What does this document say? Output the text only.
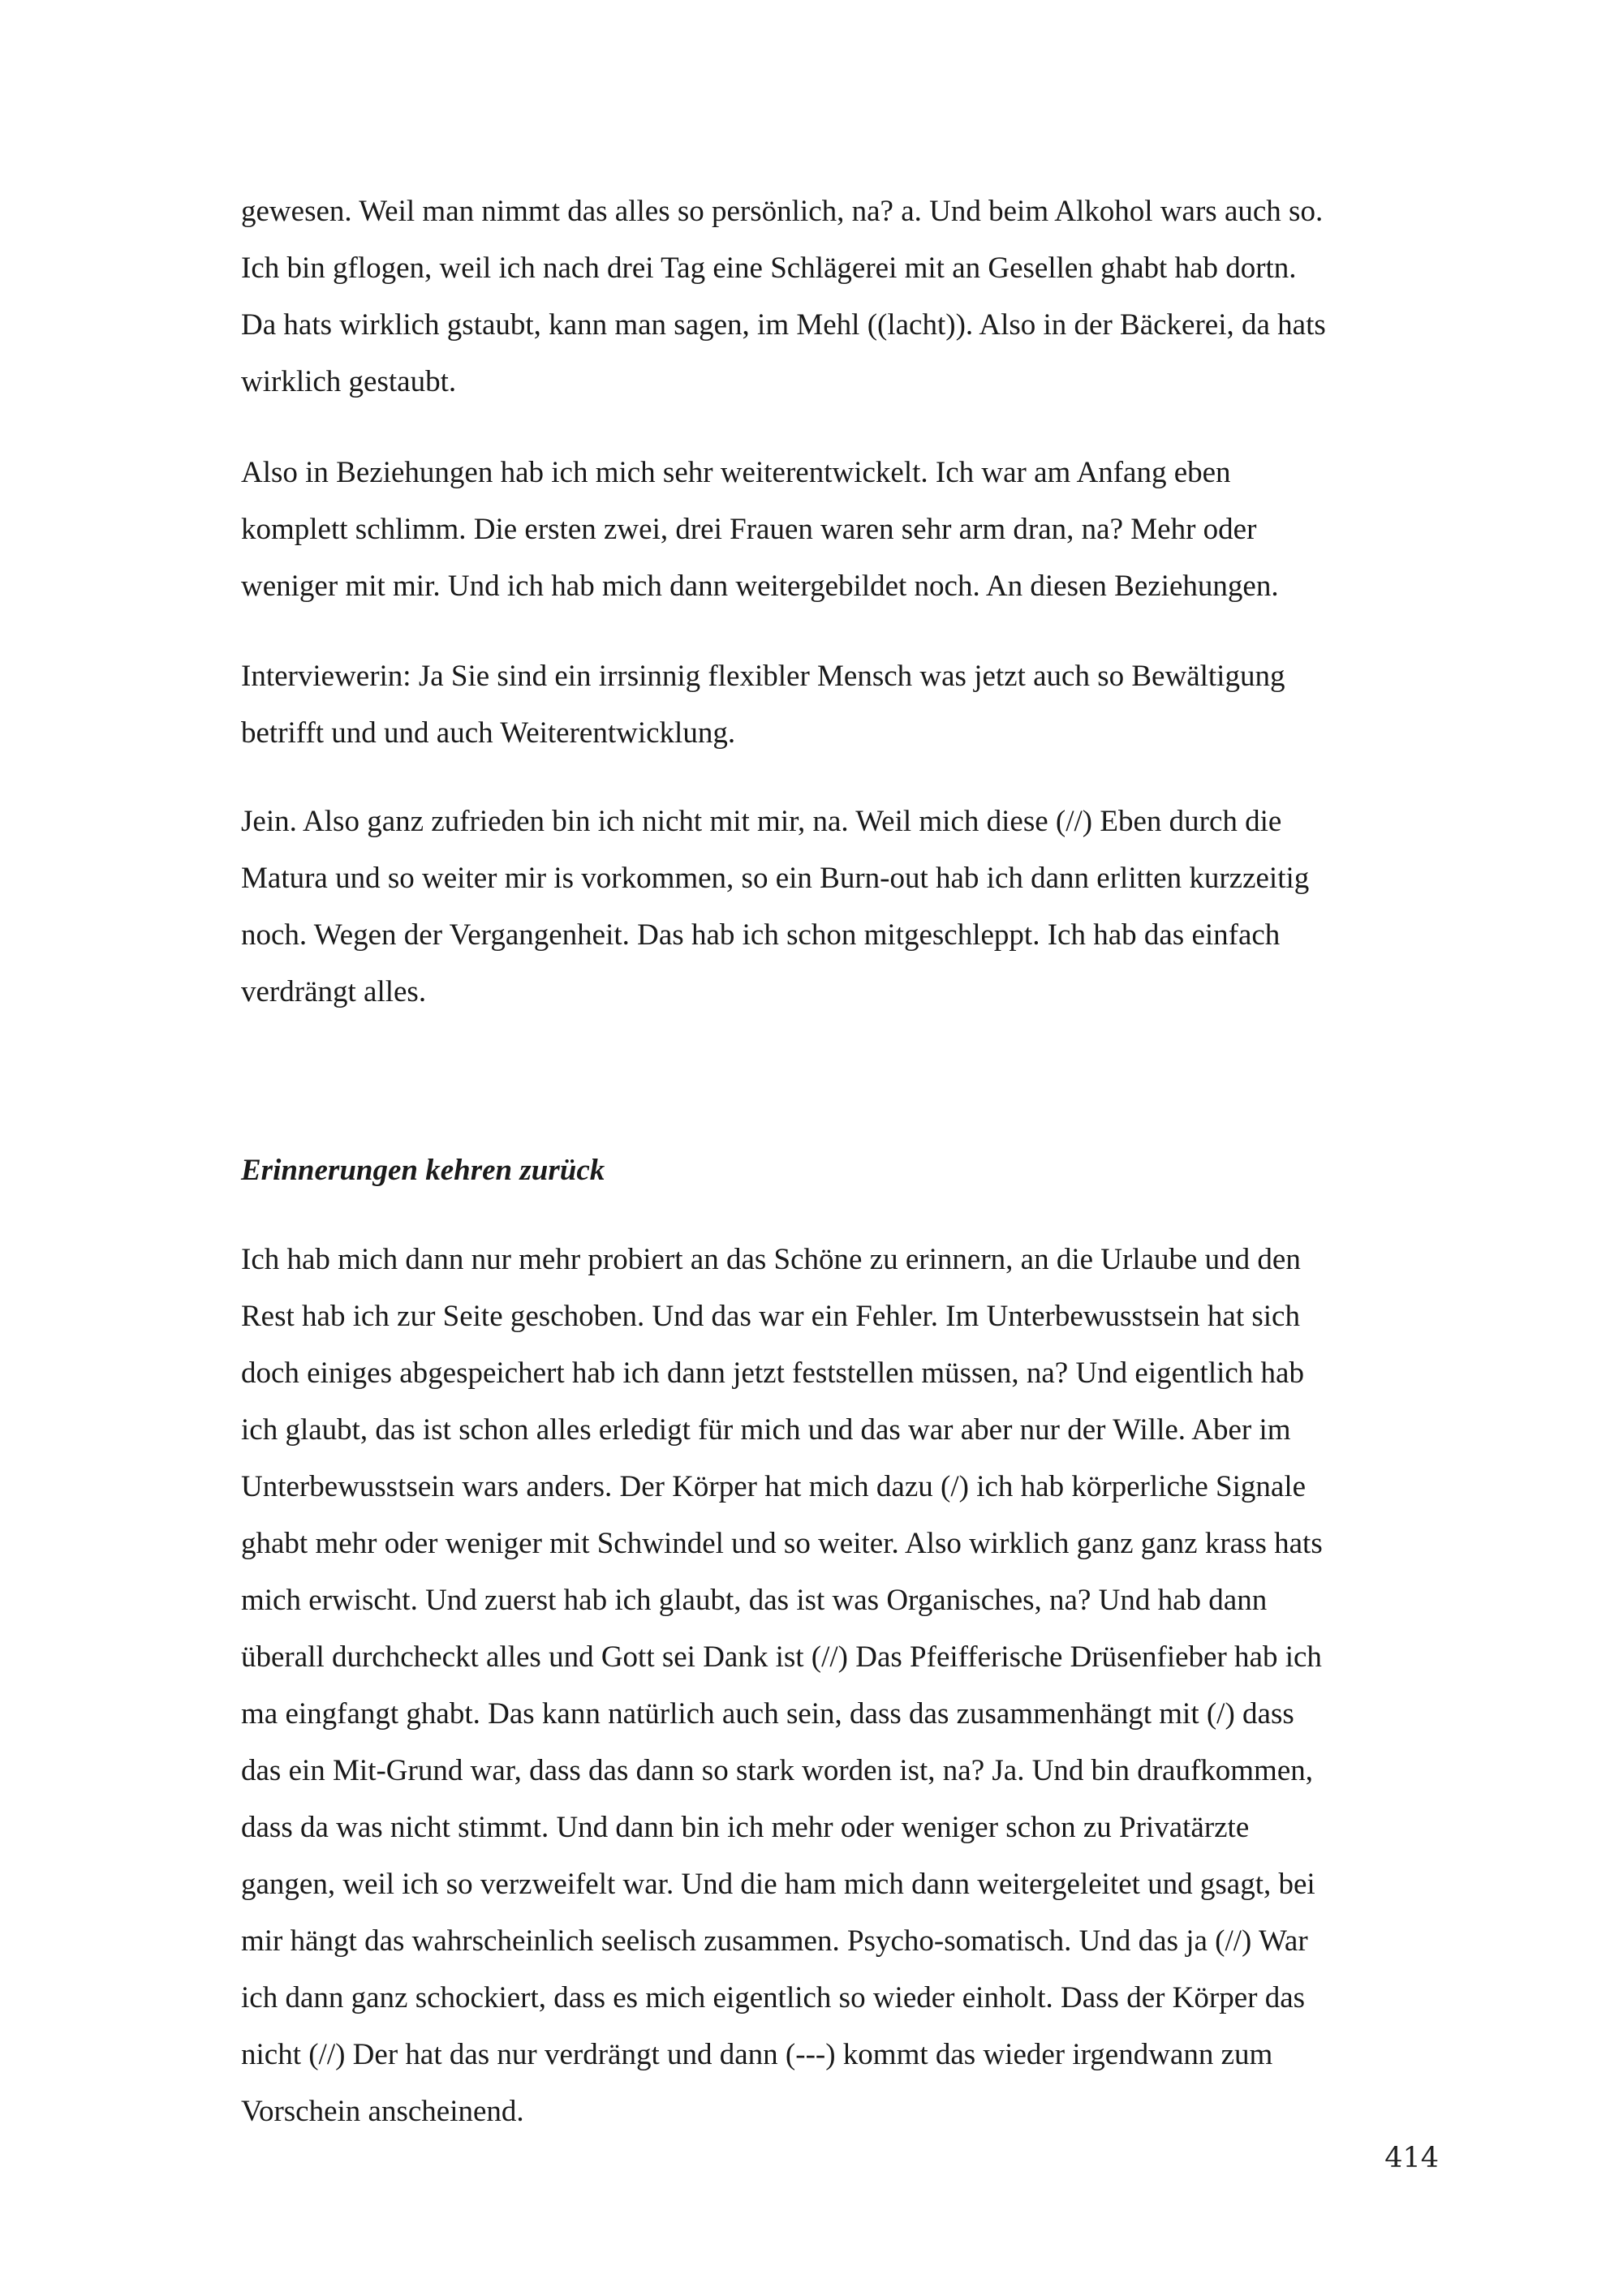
gewesen. Weil man nimmt das alles so persönlich, na? a. Und beim Alkohol wars auch so.
Ich bin gflogen, weil ich nach drei Tag eine Schlägerei mit an Gesellen ghabt hab dortn.
Da hats wirklich gstaubt, kann man sagen, im Mehl ((lacht)). Also in der Bäckerei, da hats
wirklich gestaubt.

Also in Beziehungen hab ich mich sehr weiterentwickelt. Ich war am Anfang eben
komplett schlimm. Die ersten zwei, drei Frauen waren sehr arm dran, na? Mehr oder
weniger mit mir. Und ich hab mich dann weitergebildet noch. An diesen Beziehungen.

Interviewerin: Ja Sie sind ein irrsinnig flexibler Mensch was jetzt auch so Bewältigung
betrifft und und auch Weiterentwicklung.

Jein. Also ganz zufrieden bin ich nicht mit mir, na. Weil mich diese (//) Eben durch die
Matura und so weiter mir is vorkommen, so ein Burn-out hab ich dann erlitten kurzzeitig
noch. Wegen der Vergangenheit. Das hab ich schon mitgeschleppt. Ich hab das einfach
verdrängt alles.

Erinnerungen kehren zurück

Ich hab mich dann nur mehr probiert an das Schöne zu erinnern, an die Urlaube und den
Rest hab ich zur Seite geschoben. Und das war ein Fehler. Im Unterbewusstsein hat sich
doch einiges abgespeichert hab ich dann jetzt feststellen müssen, na? Und eigentlich hab
ich glaubt, das ist schon alles erledigt für mich und das war aber nur der Wille. Aber im
Unterbewusstsein wars anders. Der Körper hat mich dazu (/) ich hab körperliche Signale
ghabt mehr oder weniger mit Schwindel und so weiter. Also wirklich ganz ganz krass hats
mich erwischt. Und zuerst hab ich glaubt, das ist was Organisches, na? Und hab dann
überall durchcheckt alles und Gott sei Dank ist (//) Das Pfeifferische Drüsenfieber hab ich
ma eingfangt ghabt. Das kann natürlich auch sein, dass das zusammenhängt mit (/) dass
das ein Mit-Grund war, dass das dann so stark worden ist, na? Ja. Und bin draufkommen,
dass da was nicht stimmt. Und dann bin ich mehr oder weniger schon zu Privatärzte
gangen, weil ich so verzweifelt war. Und die ham mich dann weitergeleitet und gsagt, bei
mir hängt das wahrscheinlich seelisch zusammen. Psycho-somatisch. Und das ja (//) War
ich dann ganz schockiert, dass es mich eigentlich so wieder einholt. Dass der Körper das
nicht (//) Der hat das nur verdrängt und dann (---) kommt das wieder irgendwann zum
Vorschein anscheinend.

414
